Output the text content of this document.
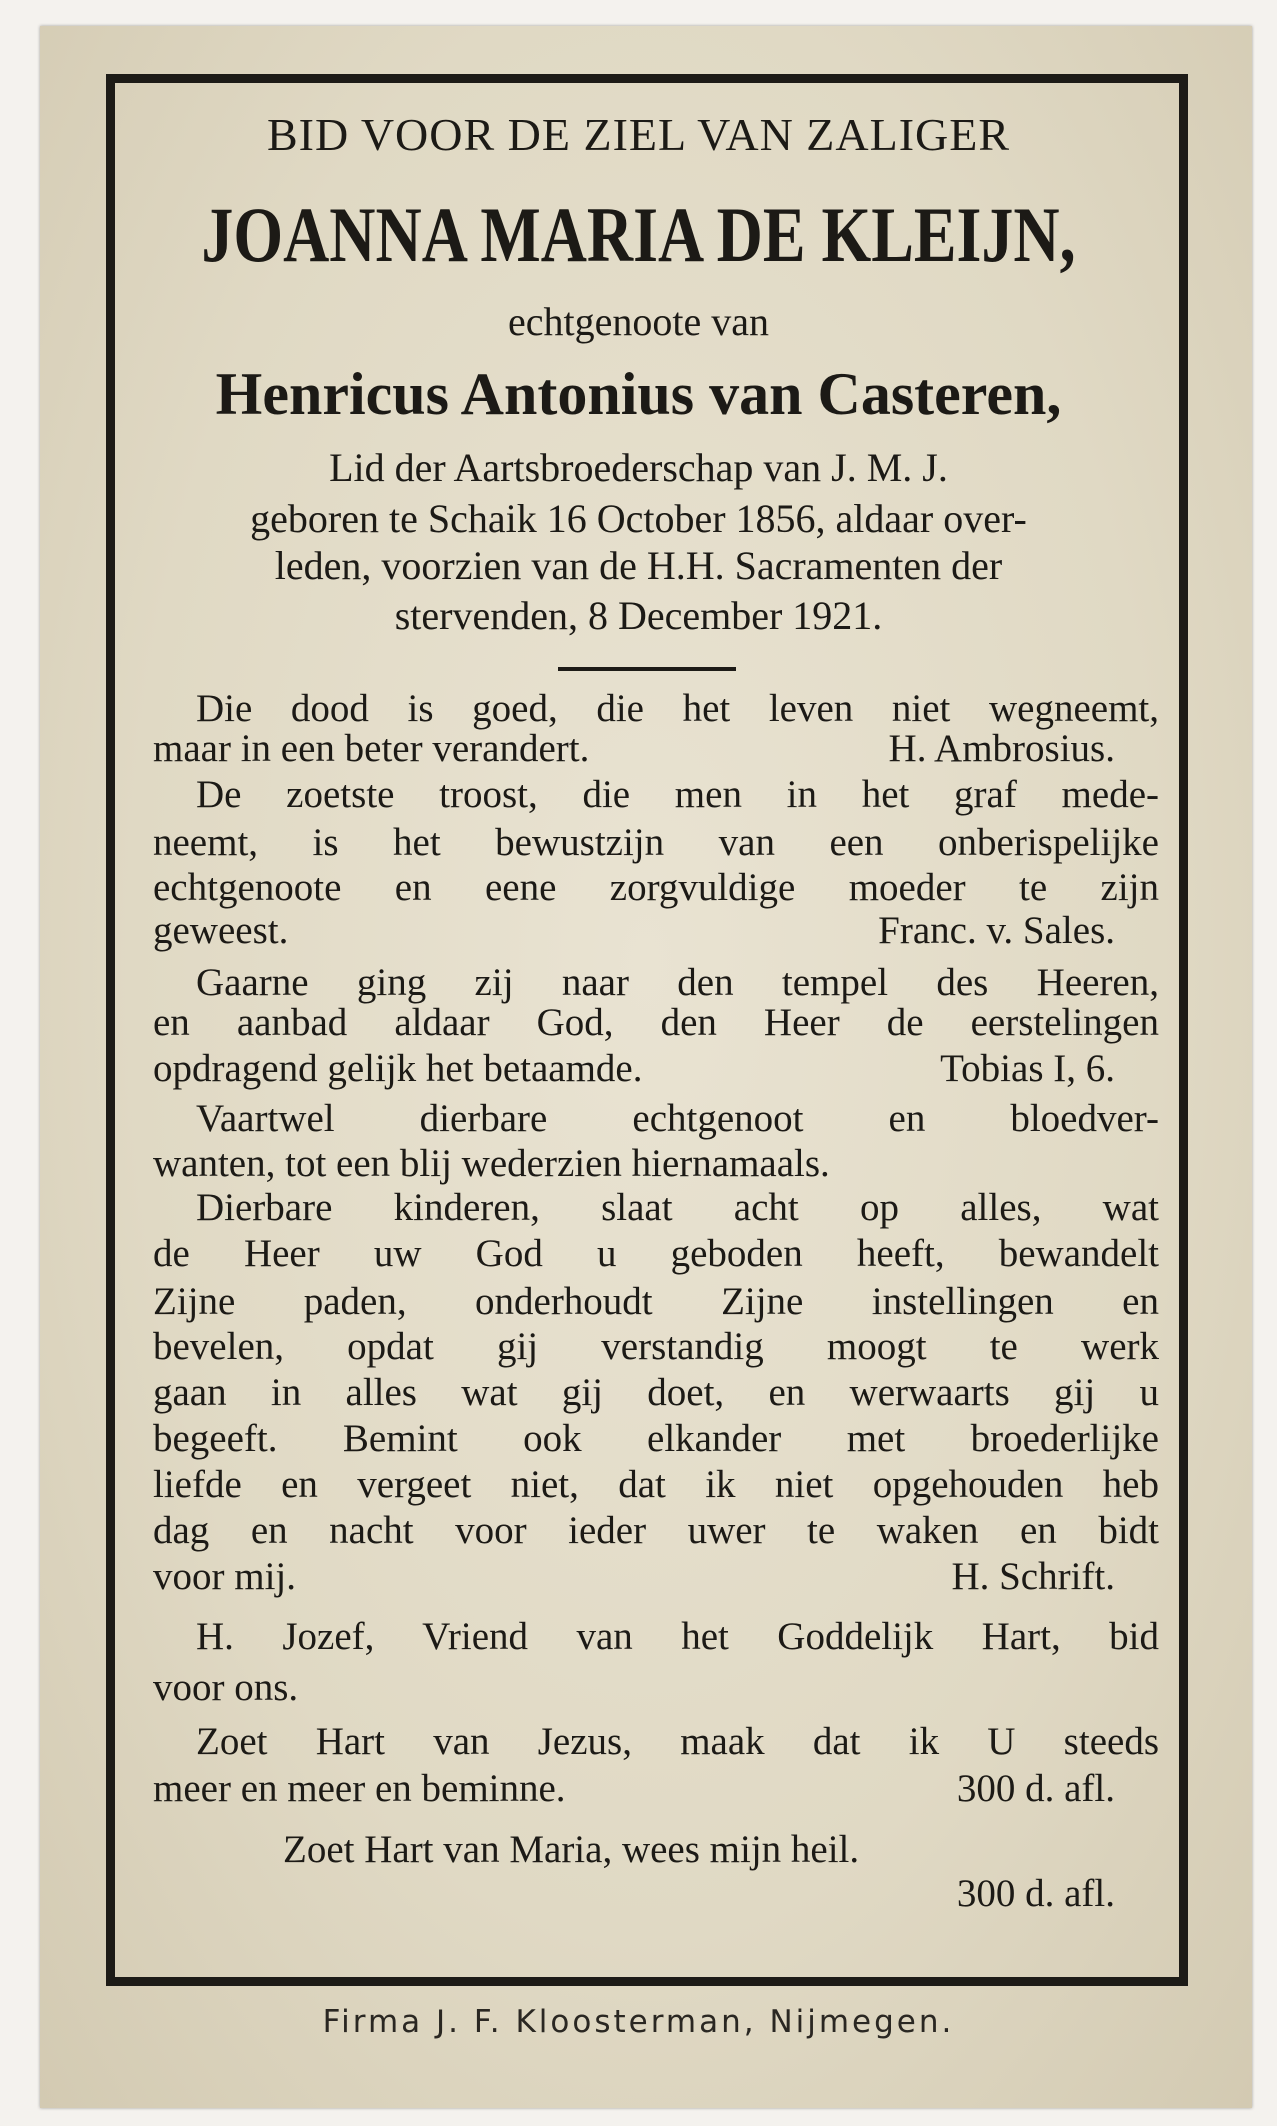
BID VOOR DE ZIEL VAN ZALIGER
JOANNA MARIA DE KLEIJN,
echtgenoote van
Henricus Antonius van Casteren,
Lid der Aartsbroederschap van J. M. J.
geboren te Schaik 16 October 1856, aldaar over-
leden, voorzien van de H.H. Sacramenten der
stervenden, 8 December 1921.
Die dood is goed, die het leven niet wegneemt,
maar in een beter verandert.	H. Ambrosius.
De zoetste troost, die men in het graf mede-
neemt, is het bewustzijn van een onberispelijke
echtgenoote en eene zorgvuldige moeder te zijn
geweest.	Franc. v. Sales.
Gaarne ging zij naar den tempel des Heeren,
en aanbad aldaar God, den Heer de eerstelingen
opdragend gelijk het betaamde.	Tobias I, 6.
Vaartwel dierbare echtgenoot en bloedver-
wanten, tot een blij wederzien hiernamaals.
Dierbare kinderen, slaat acht op alles, wat
de Heer uw God u geboden heeft, bewandelt
Zijne paden, onderhoudt Zijne instellingen en
bevelen, opdat gij verstandig moogt te werk
gaan in alles wat gij doet, en werwaarts gij u
begeeft. Bemint ook elkander met broederlijke
liefde en vergeet niet, dat ik niet opgehouden heb
dag en nacht voor ieder uwer te waken en bidt
voor mij.	H. Schrift.
H. Jozef, Vriend van het Goddelijk Hart, bid
voor ons.
Zoet Hart van Jezus, maak dat ik U steeds
meer en meer en beminne.	300 d. afl.
Zoet Hart van Maria, wees mijn heil.
300 d. afl.
Firma J. F. Kloosterman, Nijmegen.
